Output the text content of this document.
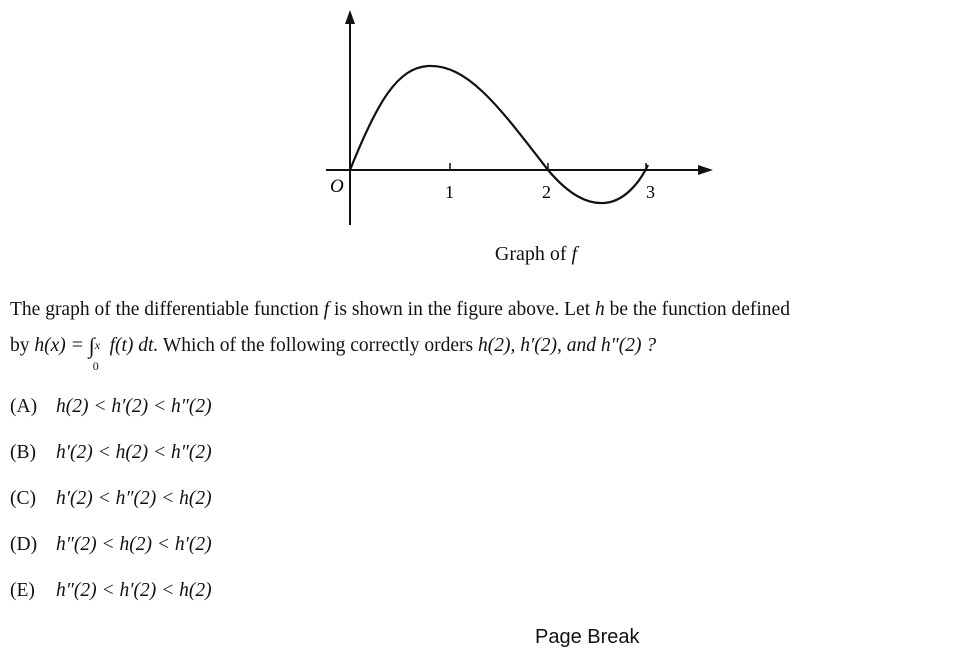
O	1	2	3
Graph of f
The graph of the differentiable function f is shown in the figure above. Let h be the function defined
by h(x) = ∫ x
0
f(t) dt. Which of the following correctly orders h(2), h′(2), and h″(2) ?
(A) h(2) < h′(2) < h″(2)
(B) h′(2) < h(2) < h″(2)
(C) h′(2) < h″(2) < h(2)
(D) h″(2) < h(2) < h′(2)
(E) h″(2) < h′(2) < h(2)
Page Break
